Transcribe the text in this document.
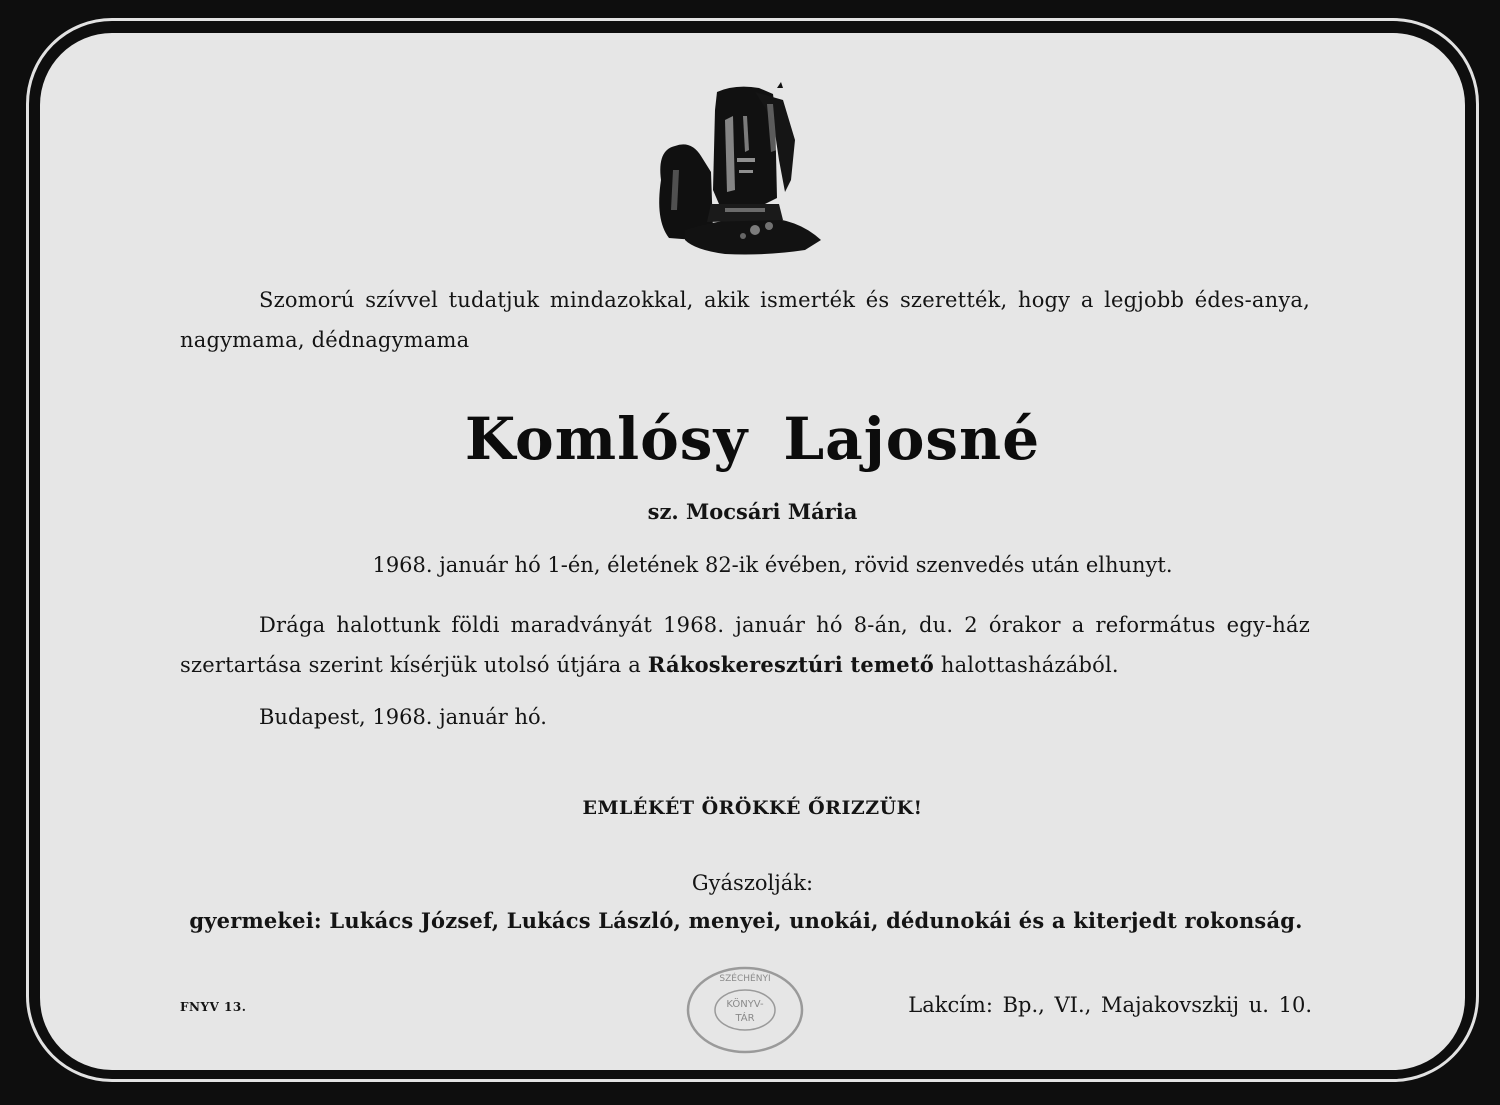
Szomorú szívvel tudatjuk mindazokkal, akik ismerték és szerették, hogy a legjobb édes-anya, nagymama, dédnagymama
Komlósy Lajosné
sz. Mocsári Mária
1968. január hó 1-én, életének 82-ik évében, rövid szenvedés után elhunyt.
Drága halottunk földi maradványát 1968. január hó 8-án, du. 2 órakor a református egy-ház szertartása szerint kísérjük utolsó útjára a Rákoskeresztúri temető halottasházából.
Budapest, 1968. január hó.
EMLÉKÉT ÖRÖKKÉ ŐRIZZÜK!
Gyászolják:
gyermekei: Lukács József, Lukács László, menyei, unokái, dédunokái és a kiterjedt rokonság.
FNYV 13.	KÖNYV-
TÁR
SZÉCHÉNYI
Lakcím: Bp., VI., Majakovszkij u. 10.
